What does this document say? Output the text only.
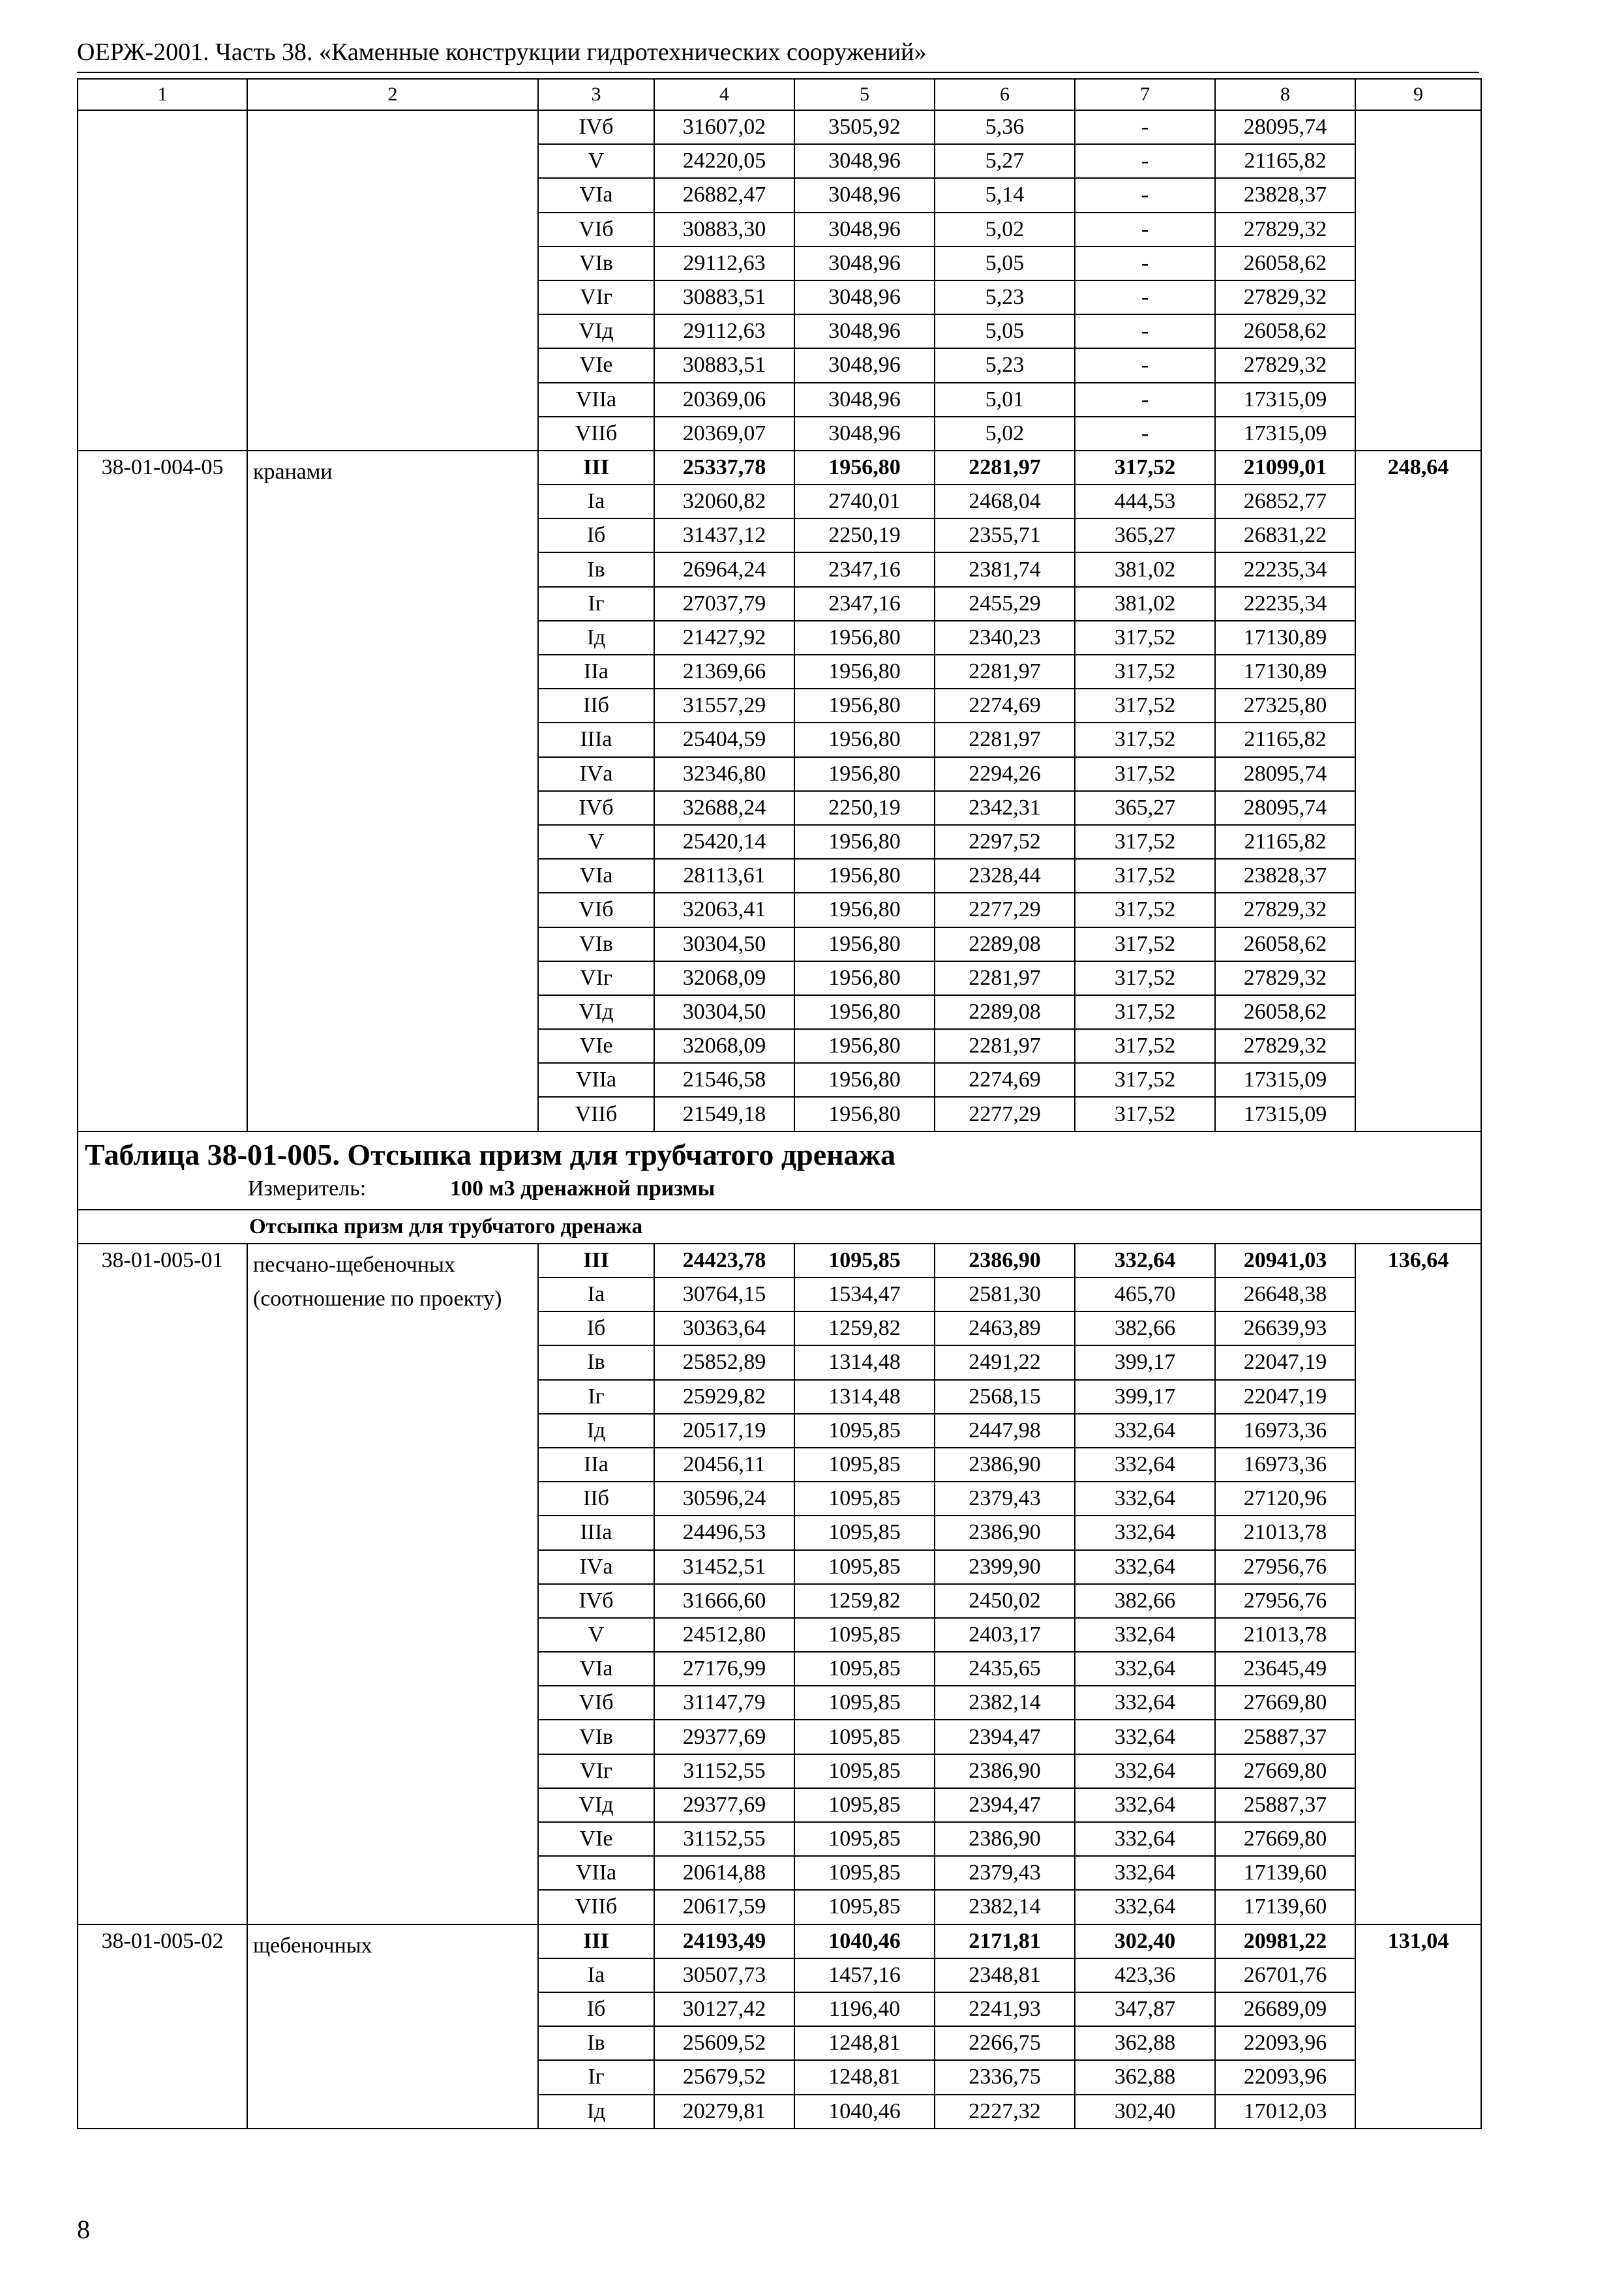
ОЕРЖ-2001. Часть 38. «Каменные конструкции гидротехнических сооружений»
1	2	3	4	5	6	7	8	9
		IVб	31607,02	3505,92	5,36	-	28095,74	
		V	24220,05	3048,96	5,27	-	21165,82	
		VIа	26882,47	3048,96	5,14	-	23828,37	
		VIб	30883,30	3048,96	5,02	-	27829,32	
		VIв	29112,63	3048,96	5,05	-	26058,62	
		VIг	30883,51	3048,96	5,23	-	27829,32	
		VIд	29112,63	3048,96	5,05	-	26058,62	
		VIе	30883,51	3048,96	5,23	-	27829,32	
		VIIа	20369,06	3048,96	5,01	-	17315,09	
		VIIб	20369,07	3048,96	5,02	-	17315,09	
38-01-004-05	кранами	III	25337,78	1956,80	2281,97	317,52	21099,01	248,64
		Iа	32060,82	2740,01	2468,04	444,53	26852,77	
		Iб	31437,12	2250,19	2355,71	365,27	26831,22	
		Iв	26964,24	2347,16	2381,74	381,02	22235,34	
		Iг	27037,79	2347,16	2455,29	381,02	22235,34	
		Iд	21427,92	1956,80	2340,23	317,52	17130,89	
		IIа	21369,66	1956,80	2281,97	317,52	17130,89	
		IIб	31557,29	1956,80	2274,69	317,52	27325,80	
		IIIа	25404,59	1956,80	2281,97	317,52	21165,82	
		IVа	32346,80	1956,80	2294,26	317,52	28095,74	
		IVб	32688,24	2250,19	2342,31	365,27	28095,74	
		V	25420,14	1956,80	2297,52	317,52	21165,82	
		VIа	28113,61	1956,80	2328,44	317,52	23828,37	
		VIб	32063,41	1956,80	2277,29	317,52	27829,32	
		VIв	30304,50	1956,80	2289,08	317,52	26058,62	
		VIг	32068,09	1956,80	2281,97	317,52	27829,32	
		VIд	30304,50	1956,80	2289,08	317,52	26058,62	
		VIе	32068,09	1956,80	2281,97	317,52	27829,32	
		VIIа	21546,58	1956,80	2274,69	317,52	17315,09	
		VIIб	21549,18	1956,80	2277,29	317,52	17315,09	

Таблица 38-01-005. Отсыпка призм для трубчатого дренажа
Измеритель: 100 м3 дренажной призмы								

Отсыпка призм для трубчатого дренажа								
38-01-005-01	песчано-щебеночных (соотношение по проекту)	III	24423,78	1095,85	2386,90	332,64	20941,03	136,64
		Iа	30764,15	1534,47	2581,30	465,70	26648,38	
		Iб	30363,64	1259,82	2463,89	382,66	26639,93	
		Iв	25852,89	1314,48	2491,22	399,17	22047,19	
		Iг	25929,82	1314,48	2568,15	399,17	22047,19	
		Iд	20517,19	1095,85	2447,98	332,64	16973,36	
		IIа	20456,11	1095,85	2386,90	332,64	16973,36	
		IIб	30596,24	1095,85	2379,43	332,64	27120,96	
		IIIа	24496,53	1095,85	2386,90	332,64	21013,78	
		IVа	31452,51	1095,85	2399,90	332,64	27956,76	
		IVб	31666,60	1259,82	2450,02	382,66	27956,76	
		V	24512,80	1095,85	2403,17	332,64	21013,78	
		VIа	27176,99	1095,85	2435,65	332,64	23645,49	
		VIб	31147,79	1095,85	2382,14	332,64	27669,80	
		VIв	29377,69	1095,85	2394,47	332,64	25887,37	
		VIг	31152,55	1095,85	2386,90	332,64	27669,80	
		VIд	29377,69	1095,85	2394,47	332,64	25887,37	
		VIе	31152,55	1095,85	2386,90	332,64	27669,80	
		VIIа	20614,88	1095,85	2379,43	332,64	17139,60	
		VIIб	20617,59	1095,85	2382,14	332,64	17139,60	
38-01-005-02	щебеночных	III	24193,49	1040,46	2171,81	302,40	20981,22	131,04
		Iа	30507,73	1457,16	2348,81	423,36	26701,76	
		Iб	30127,42	1196,40	2241,93	347,87	26689,09	
		Iв	25609,52	1248,81	2266,75	362,88	22093,96	
		Iг	25679,52	1248,81	2336,75	362,88	22093,96	
		Iд	20279,81	1040,46	2227,32	302,40	17012,03	
8
